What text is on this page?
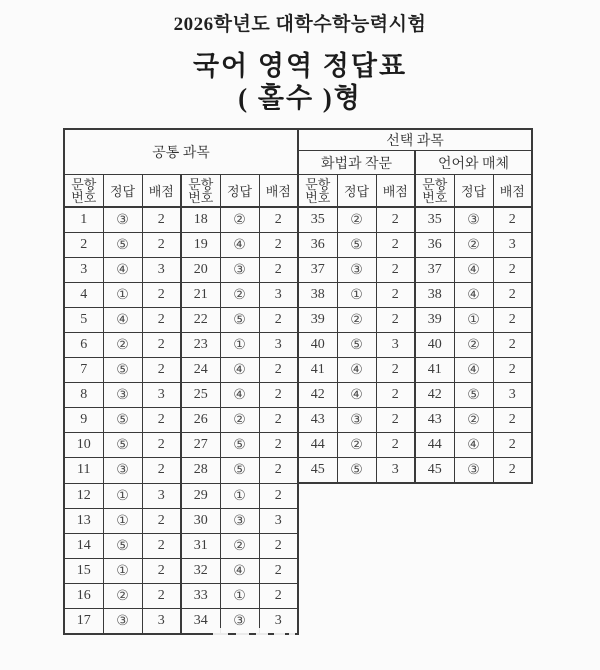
2026학년도 대학수학능력시험
국어 영역 정답표
( 홀수 )형
공통 과목						선택 과목					
						화법과 작문			언어와 매체		
문항
번호	정답	배점	문항
번호	정답	배점	문항
번호	정답	배점	문항
번호	정답	배점
1	③	2	18	②	2	35	②	2	35	③	2
2	⑤	2	19	④	2	36	⑤	2	36	②	3
3	④	3	20	③	2	37	③	2	37	④	2
4	①	2	21	②	3	38	①	2	38	④	2
5	④	2	22	⑤	2	39	②	2	39	①	2
6	②	2	23	①	3	40	⑤	3	40	②	2
7	⑤	2	24	④	2	41	④	2	41	④	2
8	③	3	25	④	2	42	④	2	42	⑤	3
9	⑤	2	26	②	2	43	③	2	43	②	2
10	⑤	2	27	⑤	2	44	②	2	44	④	2
11	③	2	28	⑤	2	45	⑤	3	45	③	2
12	①	3	29	①	2						
13	①	2	30	③	3						
14	⑤	2	31	②	2						
15	①	2	32	④	2						
16	②	2	33	①	2						
17	③	3	34	③	3						
